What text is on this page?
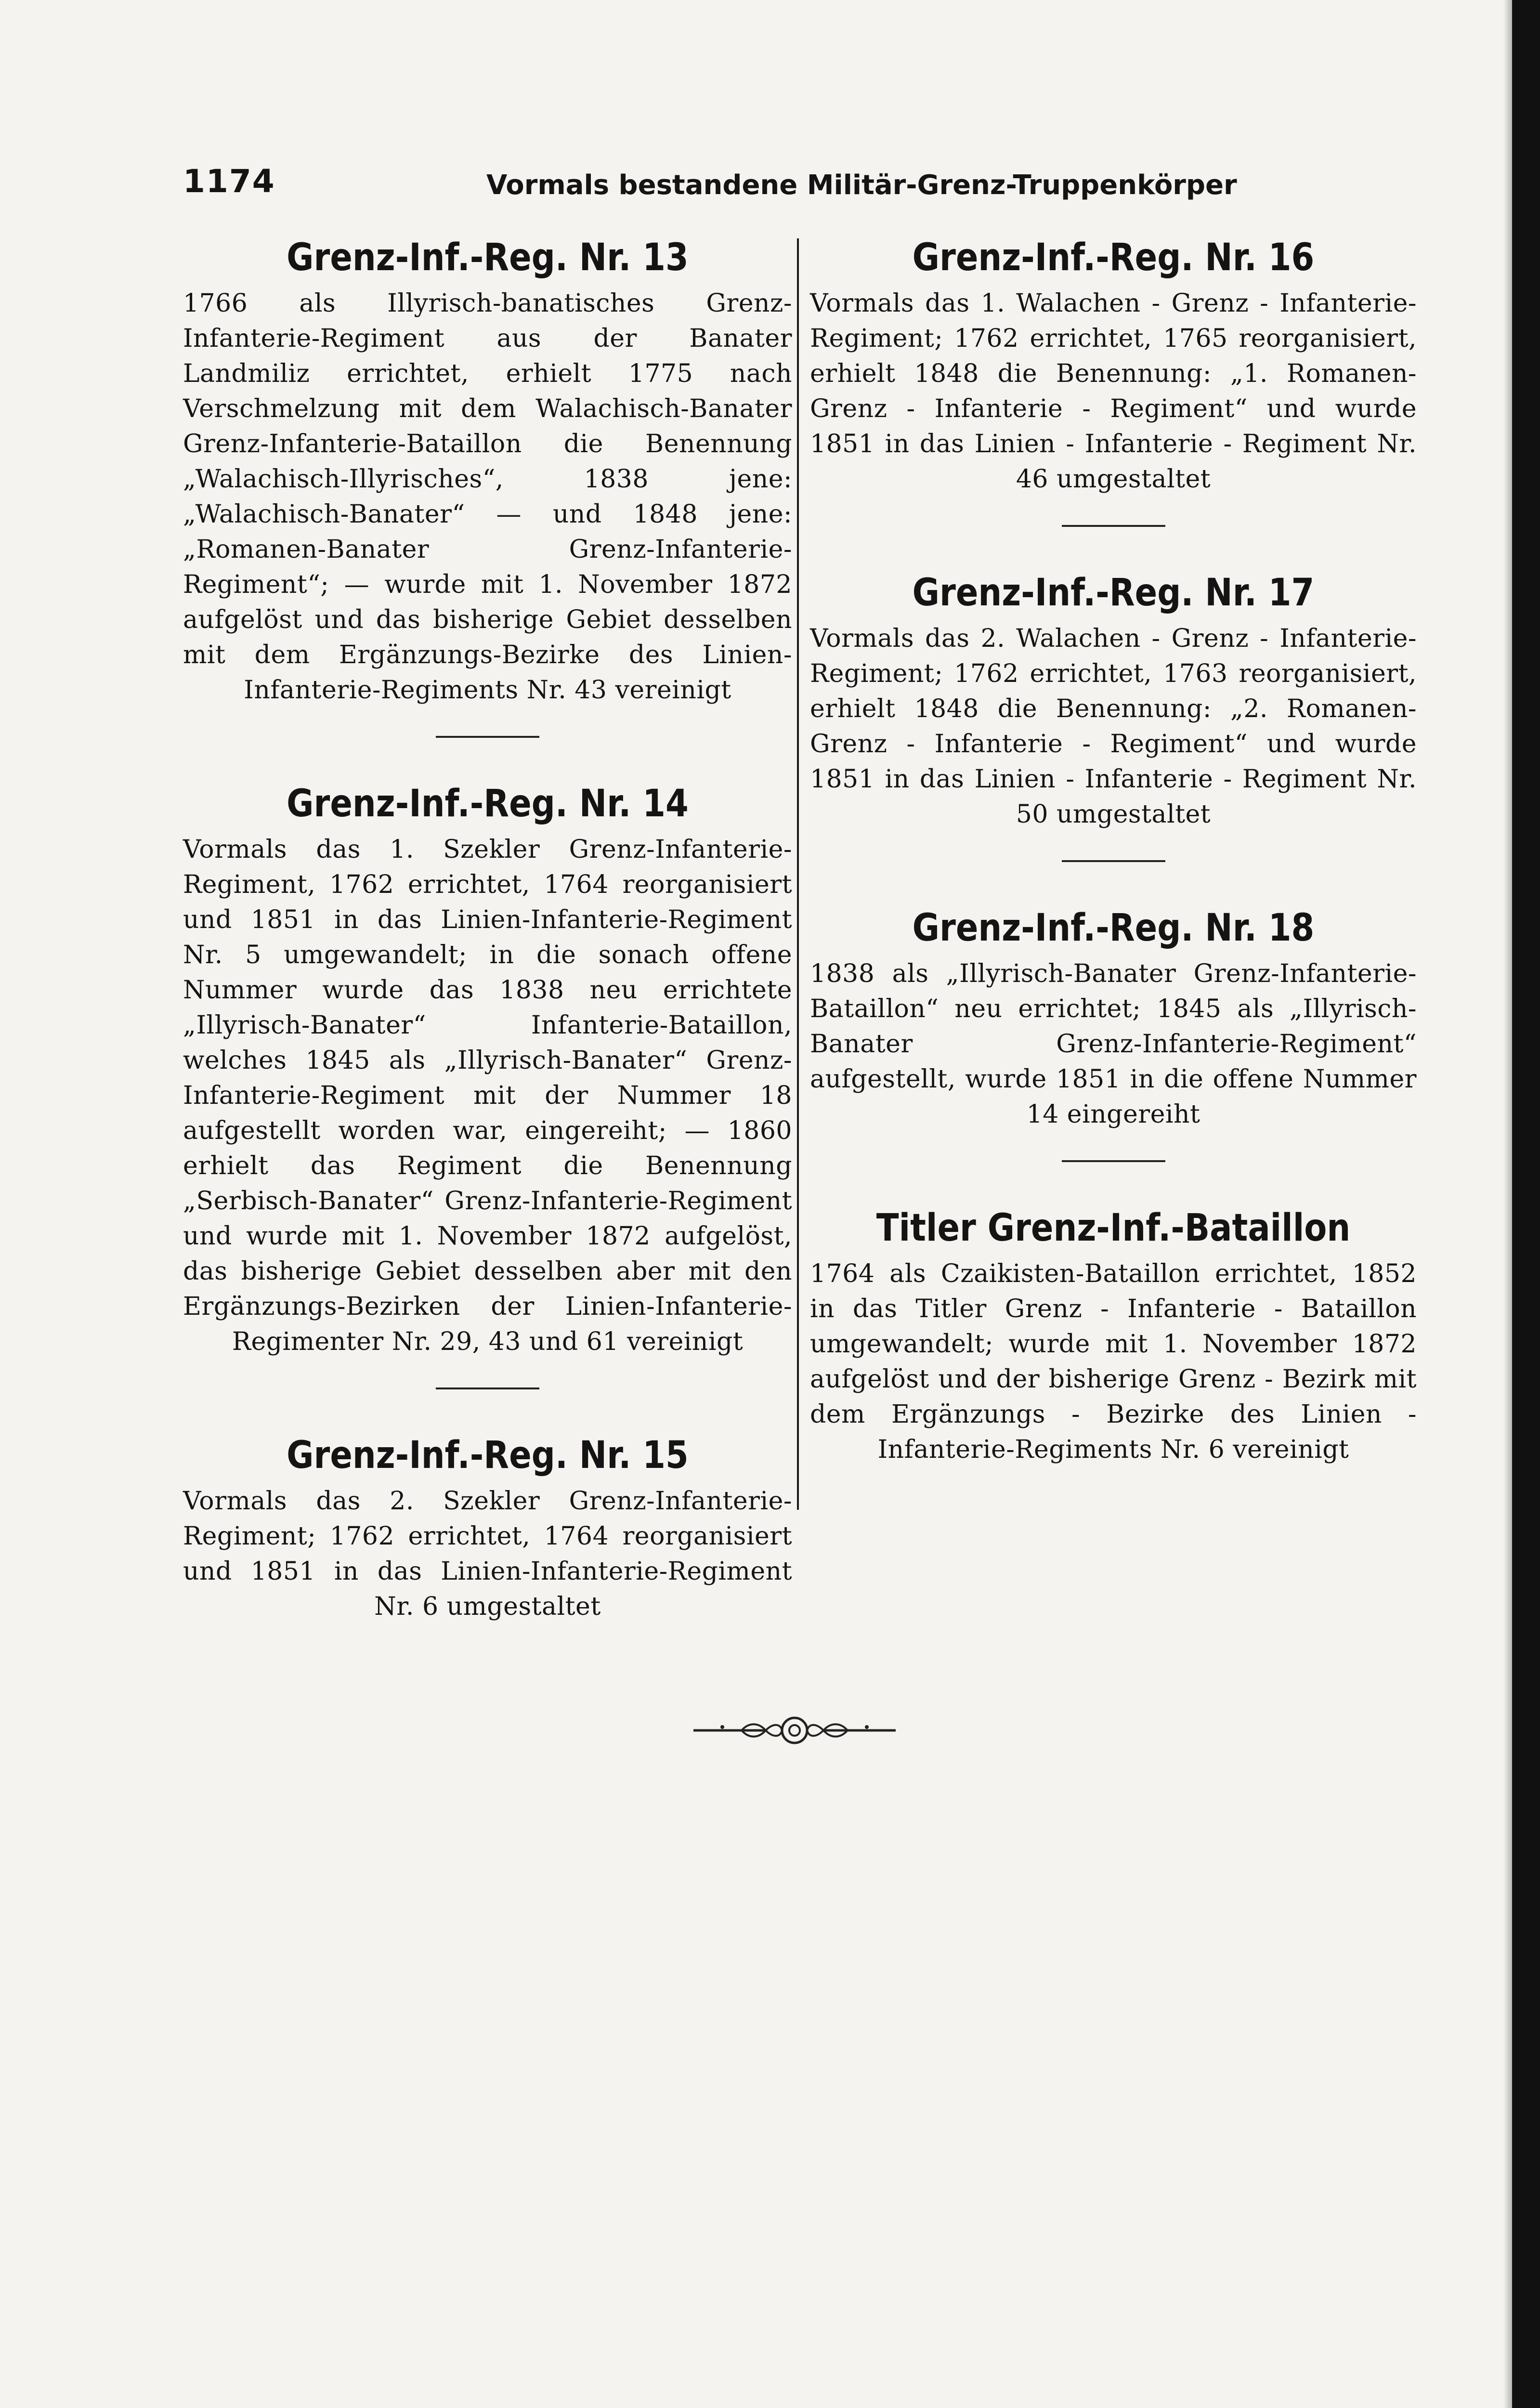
1174	Vormals bestandene Militär-Grenz-Truppenkörper
Grenz-Inf.-Reg. Nr. 13

1766 als Illyrisch-banatisches Grenz-Infanterie-Regiment aus der Banater Landmiliz errichtet, erhielt 1775 nach Verschmelzung mit dem Walachisch-Banater Grenz-Infanterie-Bataillon die Benennung „Walachisch-Illyrisches“, 1838 jene: „Walachisch-Banater“ — und 1848 jene: „Romanen-Banater Grenz-Infanterie-Regiment“; — wurde mit 1. November 1872 aufgelöst und das bisherige Gebiet desselben mit dem Ergänzungs-Bezirke des Linien-Infanterie-Regiments Nr. 43 vereinigt

Grenz-Inf.-Reg. Nr. 14

Vormals das 1. Szekler Grenz-Infanterie-Regiment, 1762 errichtet, 1764 reorganisiert und 1851 in das Linien-Infanterie-Regiment Nr. 5 umgewandelt; in die sonach offene Nummer wurde das 1838 neu errichtete „Illyrisch-Banater“ Infanterie-Bataillon, welches 1845 als „Illyrisch-Banater“ Grenz-Infanterie-Regiment mit der Nummer 18 aufgestellt worden war, eingereiht; — 1860 erhielt das Regiment die Benennung „Serbisch-Banater“ Grenz-Infanterie-Regiment und wurde mit 1. November 1872 aufgelöst, das bisherige Gebiet desselben aber mit den Ergänzungs-Bezirken der Linien-Infanterie-Regimenter Nr. 29, 43 und 61 vereinigt

Grenz-Inf.-Reg. Nr. 15

Vormals das 2. Szekler Grenz-Infanterie-Regiment; 1762 errichtet, 1764 reorganisiert und 1851 in das Linien-Infanterie-Regiment Nr. 6 umgestaltet

Grenz-Inf.-Reg. Nr. 16

Vormals das 1. Walachen - Grenz - Infanterie-Regiment; 1762 errichtet, 1765 reorganisiert, erhielt 1848 die Benennung: „1. Romanen-Grenz - Infanterie - Regiment“ und wurde 1851 in das Linien - Infanterie - Regiment Nr. 46 umgestaltet

Grenz-Inf.-Reg. Nr. 17

Vormals das 2. Walachen - Grenz - Infanterie-Regiment; 1762 errichtet, 1763 reorganisiert, erhielt 1848 die Benennung: „2. Romanen-Grenz - Infanterie - Regiment“ und wurde 1851 in das Linien - Infanterie - Regiment Nr. 50 umgestaltet

Grenz-Inf.-Reg. Nr. 18

1838 als „Illyrisch-Banater Grenz-Infanterie-Bataillon“ neu errichtet; 1845 als „Illyrisch-Banater Grenz-Infanterie-Regiment“ aufgestellt, wurde 1851 in die offene Nummer 14 eingereiht

Titler Grenz-Inf.-Bataillon

1764 als Czaikisten-Bataillon errichtet, 1852 in das Titler Grenz - Infanterie - Bataillon umgewandelt; wurde mit 1. November 1872 aufgelöst und der bisherige Grenz - Bezirk mit dem Ergänzungs - Bezirke des Linien - Infanterie-Regiments Nr. 6 vereinigt
